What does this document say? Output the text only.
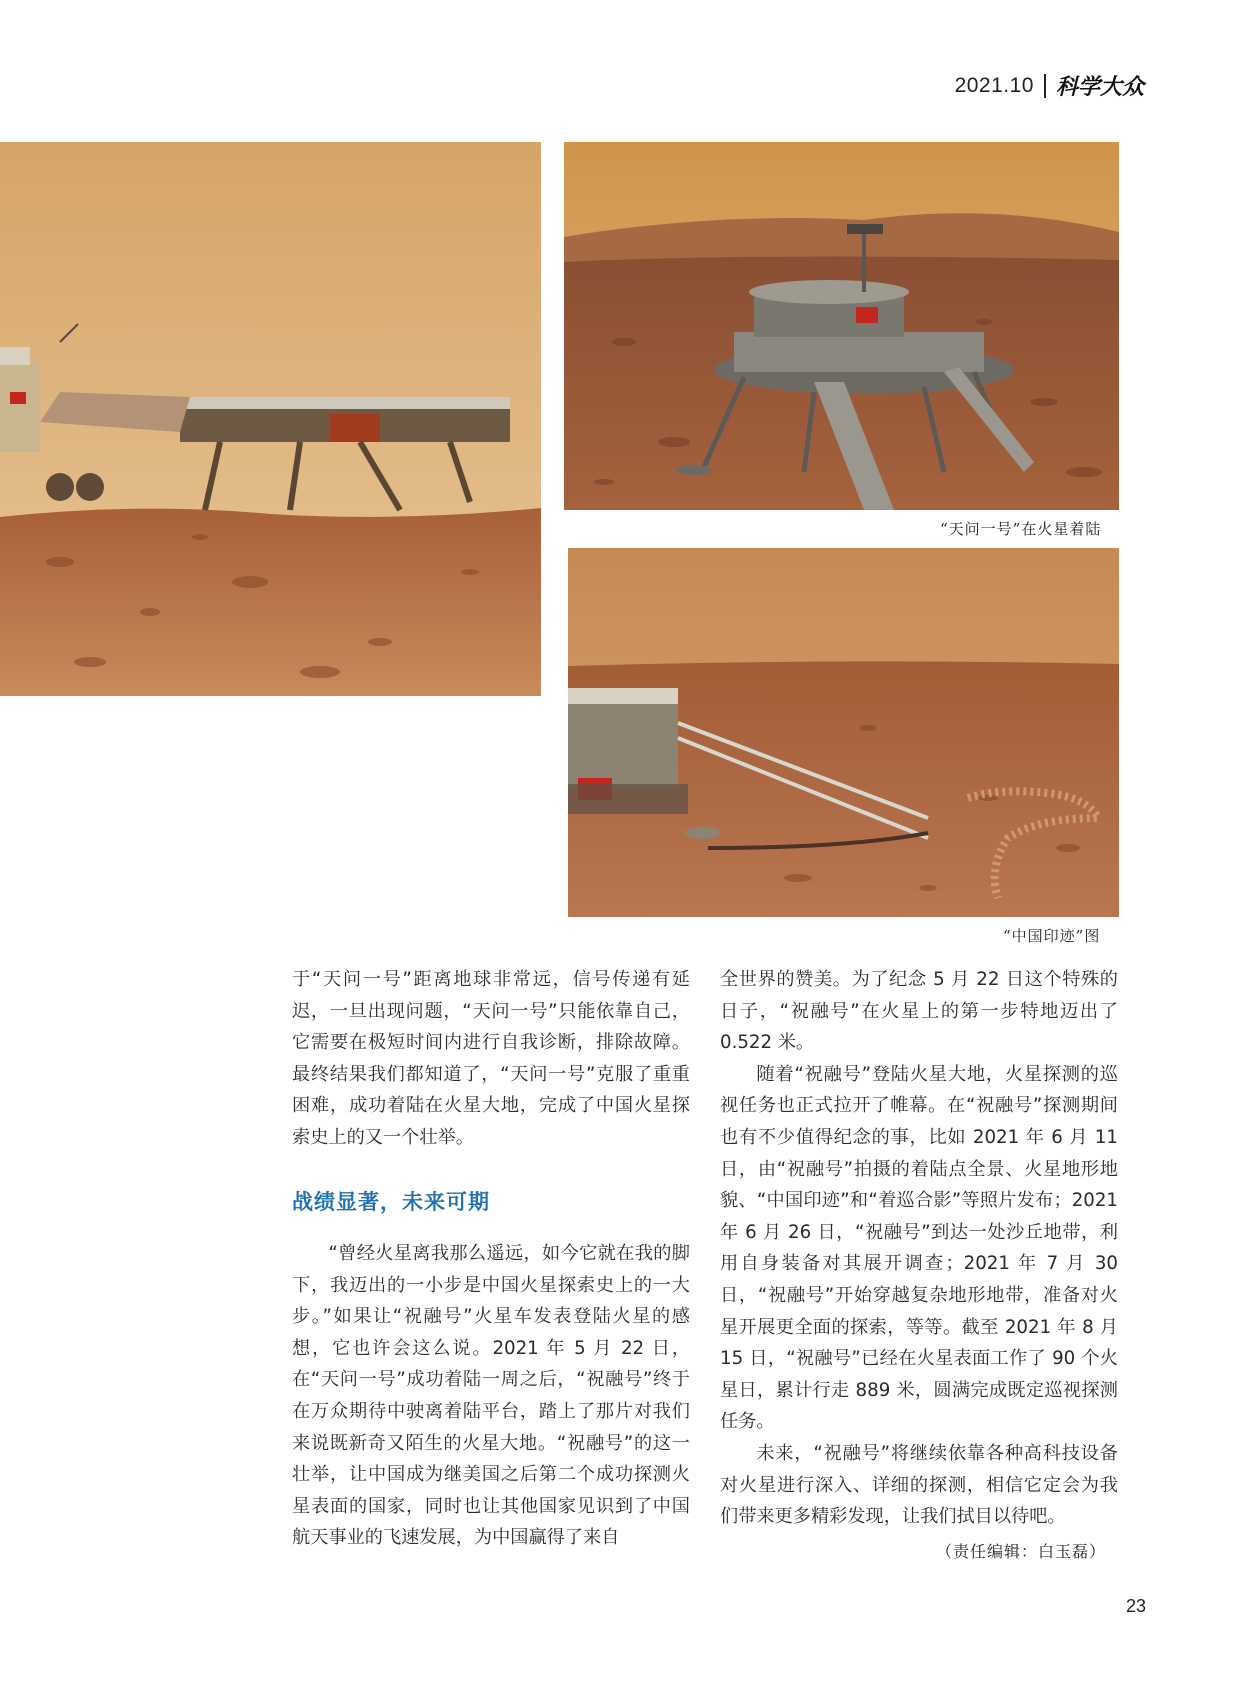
2021.10 科学大众
“天问一号”在火星着陆
“中国印迹”图

于“天问一号”距离地球非常远，信号传递有延迟，一旦出现问题，“天问一号”只能依靠自己，它需要在极短时间内进行自我诊断，排除故障。最终结果我们都知道了，“天问一号”克服了重重困难，成功着陆在火星大地，完成了中国火星探索史上的又一个壮举。

战绩显著，未来可期

“曾经火星离我那么遥远，如今它就在我的脚下，我迈出的一小步是中国火星探索史上的一大步。”如果让“祝融号”火星车发表登陆火星的感想，它也许会这么说。2021 年 5 月 22 日，在“天问一号”成功着陆一周之后，“祝融号”终于在万众期待中驶离着陆平台，踏上了那片对我们来说既新奇又陌生的火星大地。“祝融号”的这一壮举，让中国成为继美国之后第二个成功探测火星表面的国家，同时也让其他国家见识到了中国航天事业的飞速发展，为中国赢得了来自

全世界的赞美。为了纪念 5 月 22 日这个特殊的日子，“祝融号”在火星上的第一步特地迈出了 0.522 米。

随着“祝融号”登陆火星大地，火星探测的巡视任务也正式拉开了帷幕。在“祝融号”探测期间也有不少值得纪念的事，比如 2021 年 6 月 11 日，由“祝融号”拍摄的着陆点全景、火星地形地貌、“中国印迹”和“着巡合影”等照片发布；2021 年 6 月 26 日，“祝融号”到达一处沙丘地带，利用自身装备对其展开调查；2021 年 7 月 30 日，“祝融号”开始穿越复杂地形地带，准备对火星开展更全面的探索，等等。截至 2021 年 8 月 15 日，“祝融号”已经在火星表面工作了 90 个火星日，累计行走 889 米，圆满完成既定巡视探测任务。

未来，“祝融号”将继续依靠各种高科技设备对火星进行深入、详细的探测，相信它定会为我们带来更多精彩发现，让我们拭目以待吧。

（责任编辑：白玉磊）
23
